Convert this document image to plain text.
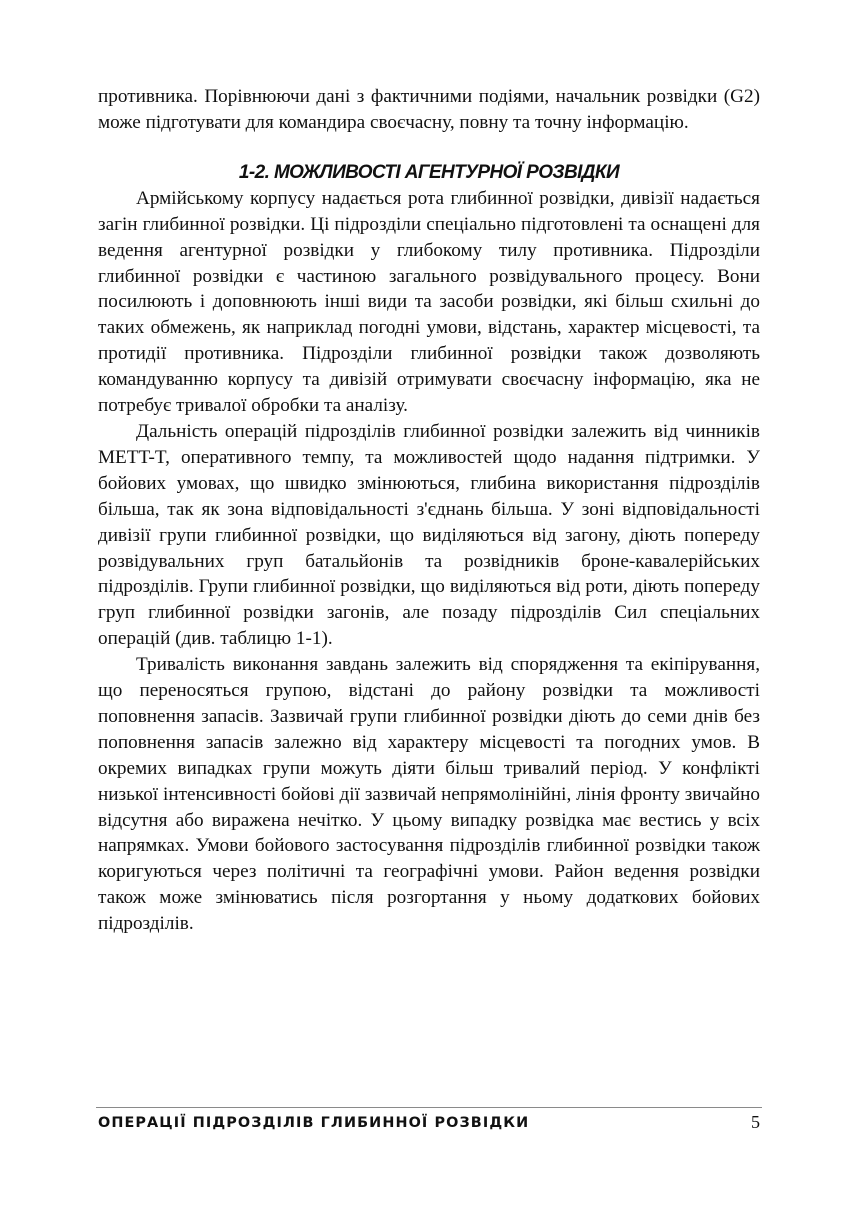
противника. Порівнюючи дані з фактичними подіями, начальник розвідки (G2) може підготувати для командира своєчасну, повну та точну інформацію.

1-2. МОЖЛИВОСТІ АГЕНТУРНОЇ РОЗВІДКИ

Армійському корпусу надається рота глибинної розвідки, дивізії надається загін глибинної розвідки. Ці підрозділи спеціально підготовлені та оснащені для ведення агентурної розвідки у глибокому тилу противника. Підрозділи глибинної розвідки є частиною загального розвідувального процесу. Вони посилюють і доповнюють інші види та засоби розвідки, які більш схильні до таких обмежень, як наприклад погодні умови, відстань, характер місцевості, та протидії противника. Підрозділи глибинної розвідки також дозволяють командуванню корпусу та дивізій отримувати своєчасну інформацію, яка не потребує тривалої обробки та аналізу.

Дальність операцій підрозділів глибинної розвідки залежить від чинників METT-T, оперативного темпу, та можливостей щодо надання підтримки. У бойових умовах, що швидко змінюються, глибина використання підрозділів більша, так як зона відповідальності з'єднань більша. У зоні відповідальності дивізії групи глибинної розвідки, що виділяються від загону, діють попереду розвідувальних груп батальйонів та розвідників броне-кавалерійських підрозділів. Групи глибинної розвідки, що виділяються від роти, діють попереду груп глибинної розвідки загонів, але позаду підрозділів Сил спеціальних операцій (див. таблицю 1-1).

Тривалість виконання завдань залежить від спорядження та екіпірування, що переносяться групою, відстані до району розвідки та можливості поповнення запасів. Зазвичай групи глибинної розвідки діють до семи днів без поповнення запасів залежно від характеру місцевості та погодних умов. В окремих випадках групи можуть діяти більш тривалий період. У конфлікті низької інтенсивності бойові дії зазвичай непрямолінійні, лінія фронту звичайно відсутня або виражена нечітко. У цьому випадку розвідка має вестись у всіх напрямках. Умови бойового застосування підрозділів глибинної розвідки також коригуються через політичні та географічні умови. Район ведення розвідки також може змінюватись після розгортання у ньому додаткових бойових підрозділів.

ОПЕРАЦІЇ ПІДРОЗДІЛІВ ГЛИБИННОЇ РОЗВІДКИ	5
